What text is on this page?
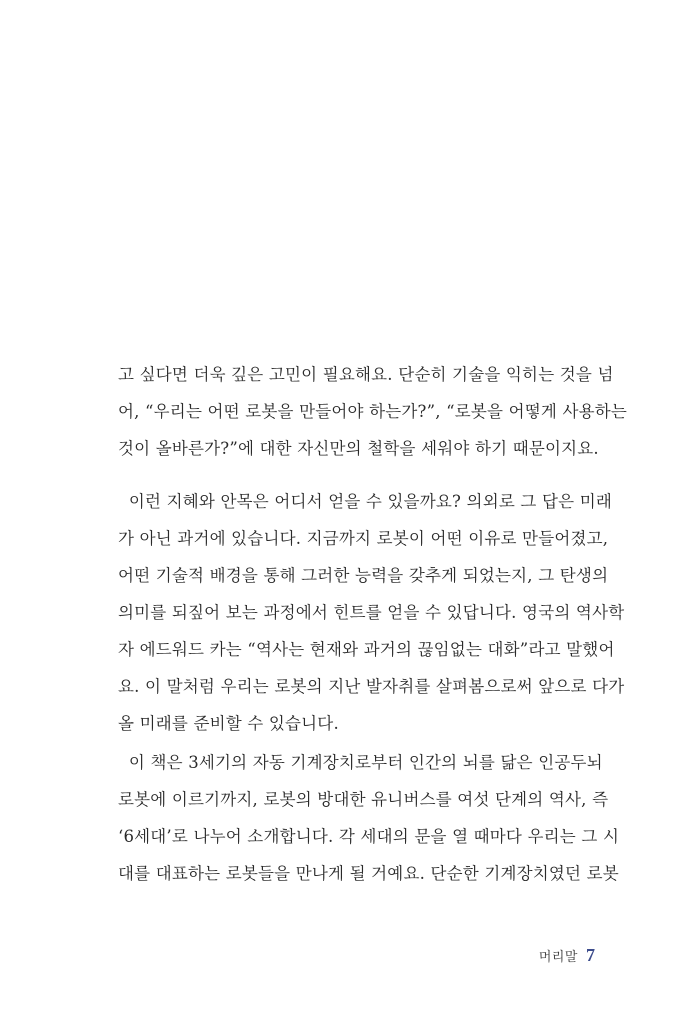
고 싶다면 더욱 깊은 고민이 필요해요. 단순히 기술을 익히는 것을 넘
어, “우리는 어떤 로봇을 만들어야 하는가?”, “로봇을 어떻게 사용하는
것이 올바른가?”에 대한 자신만의 철학을 세워야 하기 때문이지요.
이런 지혜와 안목은 어디서 얻을 수 있을까요? 의외로 그 답은 미래
가 아닌 과거에 있습니다. 지금까지 로봇이 어떤 이유로 만들어졌고,
어떤 기술적 배경을 통해 그러한 능력을 갖추게 되었는지, 그 탄생의
의미를 되짚어 보는 과정에서 힌트를 얻을 수 있답니다. 영국의 역사학
자 에드워드 카는 “역사는 현재와 과거의 끊임없는 대화”라고 말했어
요. 이 말처럼 우리는 로봇의 지난 발자취를 살펴봄으로써 앞으로 다가
올 미래를 준비할 수 있습니다.
이 책은 3세기의 자동 기계장치로부터 인간의 뇌를 닮은 인공두뇌
로봇에 이르기까지, 로봇의 방대한 유니버스를 여섯 단계의 역사, 즉
‘6세대’로 나누어 소개합니다. 각 세대의 문을 열 때마다 우리는 그 시
대를 대표하는 로봇들을 만나게 될 거예요. 단순한 기계장치였던 로봇
머리말 7
